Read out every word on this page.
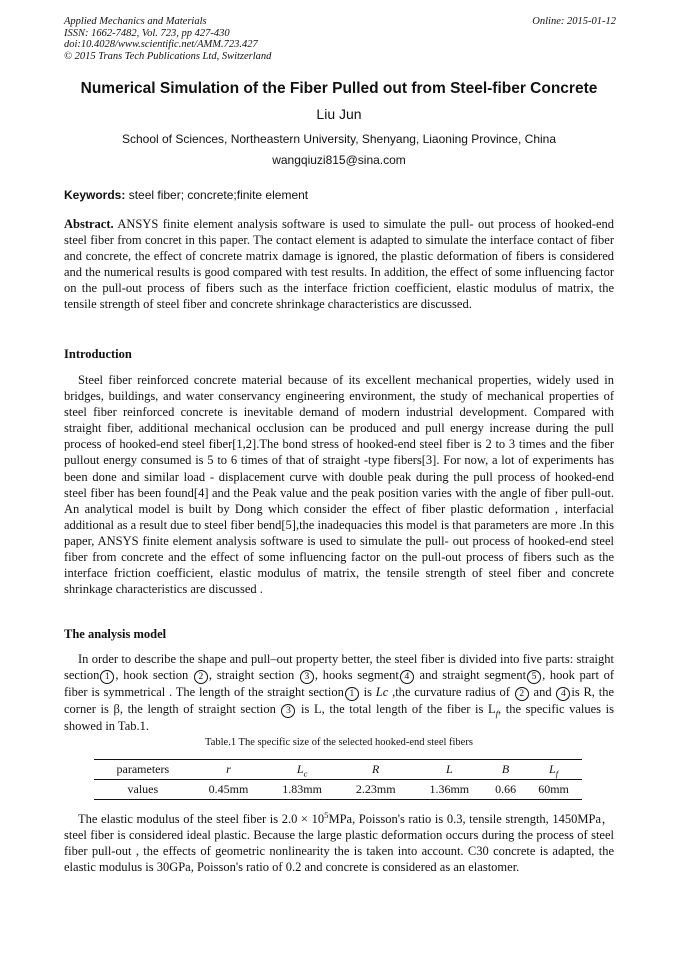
Applied Mechanics and Materials
ISSN: 1662-7482, Vol. 723, pp 427-430
doi:10.4028/www.scientific.net/AMM.723.427
© 2015 Trans Tech Publications Ltd, Switzerland
Online: 2015-01-12
Numerical Simulation of the Fiber Pulled out from Steel-fiber Concrete
Liu Jun
School of Sciences, Northeastern University, Shenyang, Liaoning Province, China
wangqiuzi815@sina.com
Keywords: steel fiber; concrete;finite element
Abstract. ANSYS finite element analysis software is used to simulate the pull- out process of hooked-end steel fiber from concret in this paper. The contact element is adapted to simulate the interface contact of fiber and concrete, the effect of concrete matrix damage is ignored, the plastic deformation of fibers is considered and the numerical results is good compared with test results. In addition, the effect of some influencing factor on the pull-out process of fibers such as the interface friction coefficient, elastic modulus of matrix, the tensile strength of steel fiber and concrete shrinkage characteristics are discussed.
Introduction
Steel fiber reinforced concrete material because of its excellent mechanical properties, widely used in bridges, buildings, and water conservancy engineering environment, the study of mechanical properties of steel fiber reinforced concrete is inevitable demand of modern industrial development. Compared with straight fiber, additional mechanical occlusion can be produced and pull energy increase during the pull process of hooked-end steel fiber[1,2].The bond stress of hooked-end steel fiber is 2 to 3 times and the fiber pullout energy consumed is 5 to 6 times of that of straight -type fibers[3]. For now, a lot of experiments has been done and similar load - displacement curve with double peak during the pull process of hooked-end steel fiber has been found[4] and the Peak value and the peak position varies with the angle of fiber pull-out. An analytical model is built by Dong which consider the effect of fiber plastic deformation , interfacial additional as a result due to steel fiber bend[5],the inadequacies this model is that parameters are more .In this paper, ANSYS finite element analysis software is used to simulate the pull- out process of hooked-end steel fiber from concrete and the effect of some influencing factor on the pull-out process of fibers such as the interface friction coefficient, elastic modulus of matrix, the tensile strength of steel fiber and concrete shrinkage characteristics are discussed .
The analysis model
In order to describe the shape and pull–out property better, the steel fiber is divided into five parts: straight section 1 , hook section 2 , straight section 3 , hooks segment 4 and straight segment 5 , hook part of fiber is symmetrical . The length of the straight section 1 is Lc ,the curvature radius of 2 and 4 is R, the corner is β, the length of straight section 3 is L, the total length of the fiber is $L_f$, the specific values is showed in Tab.1.
Table.1 The specific size of the selected hooked-end steel fibers
parameters	r	$L_c$	R	L	B	$L_f$
values	0.45mm	1.83mm	2.23mm	1.36mm	0.66	60mm
The elastic modulus of the steel fiber is $2.0 \times 10^5MPa$, Poisson's ratio is 0.3, tensile strength, 1450MPa，steel fiber is considered ideal plastic. Because the large plastic deformation occurs during the process of steel fiber pull-out , the effects of geometric nonlinearity the is taken into account. C30 concrete is adapted, the elastic modulus is 30GPa, Poisson's ratio of 0.2 and concrete is considered as an elastomer.
